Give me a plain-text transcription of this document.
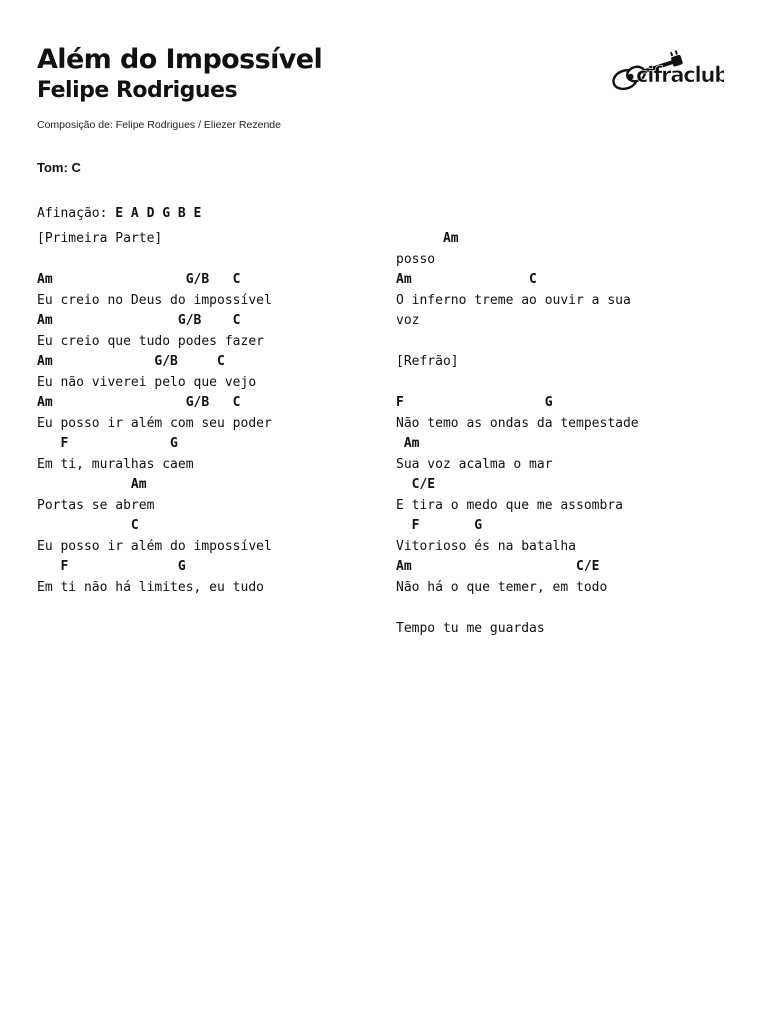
Além do Impossível
Felipe Rodrigues
Composição de: Felipe Rodrigues / Eliezer Rezende
cifraclub
Tom: C
Afinação: E A D G B E
[Primeira Parte]
Am                 G/B   C
Eu creio no Deus do impossível
Am                G/B    C
Eu creio que tudo podes fazer
Am             G/B     C
Eu não viverei pelo que vejo
Am                 G/B   C
Eu posso ir além com seu poder
F             G
Em ti, muralhas caem
Am
Portas se abrem
C
Eu posso ir além do impossível
F              G
Em ti não há limites, eu tudo
Am
posso
Am               C
O inferno treme ao ouvir a sua
voz
[Refrão]
F                  G
Não temo as ondas da tempestade
Am
Sua voz acalma o mar
C/E
E tira o medo que me assombra
F       G
Vitorioso és na batalha
Am                     C/E
Não há o que temer, em todo
Tempo tu me guardas
